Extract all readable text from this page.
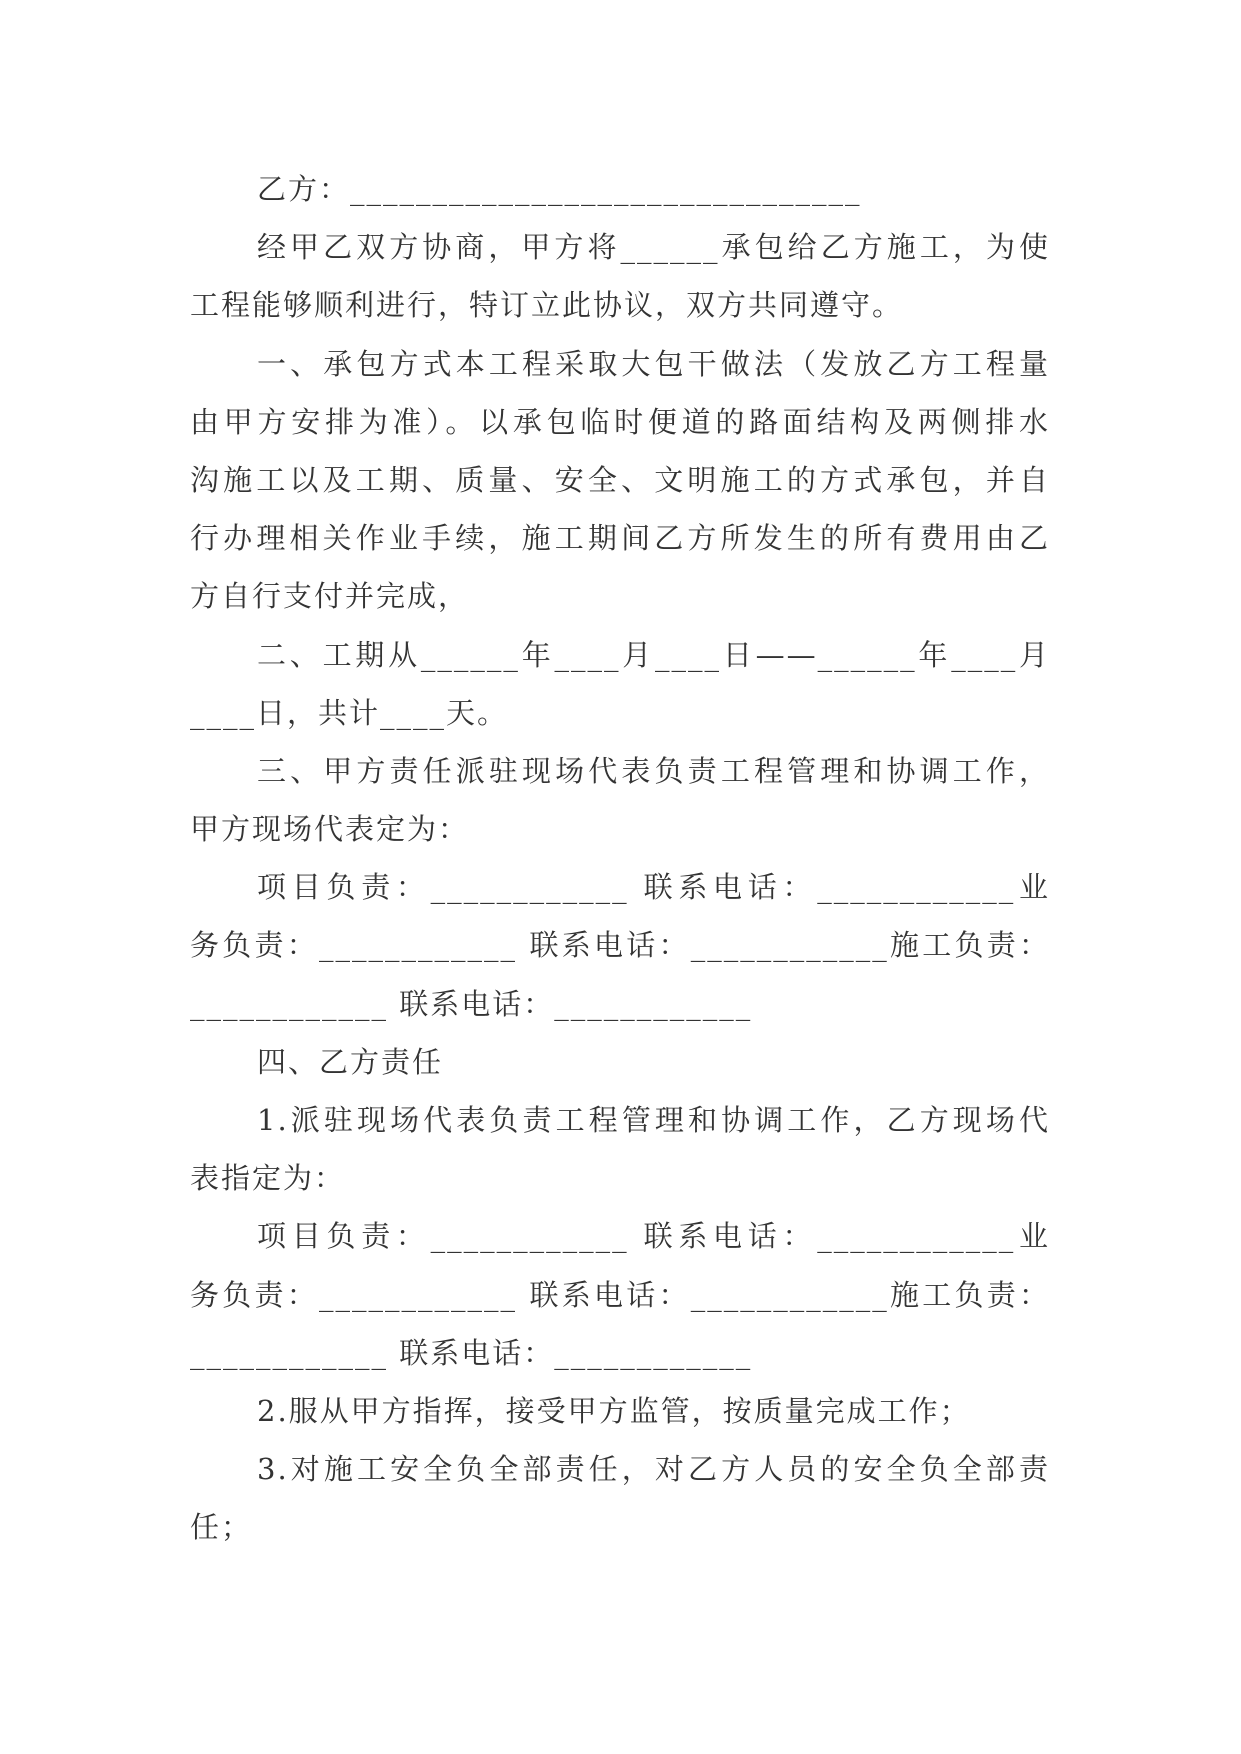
乙方：_______________________________
经甲乙双方协商，甲方将______承包给乙方施工，为使
工程能够顺利进行，特订立此协议，双方共同遵守。
一、承包方式本工程采取大包干做法（发放乙方工程量
由甲方安排为准）。以承包临时便道的路面结构及两侧排水
沟施工以及工期、质量、安全、文明施工的方式承包，并自
行办理相关作业手续，施工期间乙方所发生的所有费用由乙
方自行支付并完成，
二、工期从______年____月____日——______年____月
____日，共计____天。
三、甲方责任派驻现场代表负责工程管理和协调工作，
甲方现场代表定为：
项目负责：____________ 联系电话：____________业
务负责：____________ 联系电话：____________施工负责：
____________ 联系电话：____________
四、乙方责任
1.派驻现场代表负责工程管理和协调工作，乙方现场代
表指定为：
项目负责：____________ 联系电话：____________业
务负责：____________ 联系电话：____________施工负责：
____________ 联系电话：____________
2.服从甲方指挥，接受甲方监管，按质量完成工作；
3.对施工安全负全部责任，对乙方人员的安全负全部责
任；
